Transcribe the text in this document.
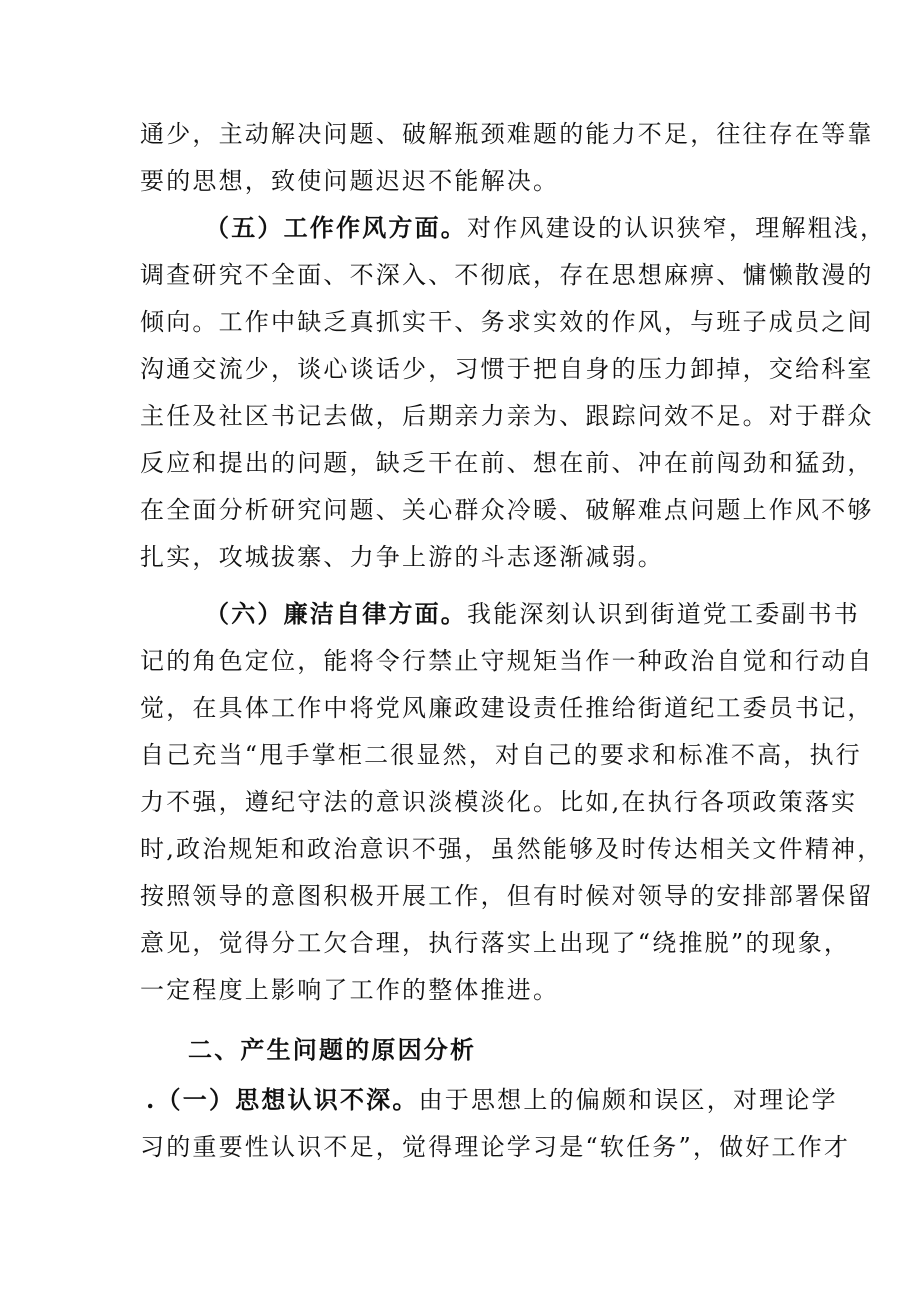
通少，主动解决问题、破解瓶颈难题的能力不足，往往存在等靠
要的思想，致使问题迟迟不能解决。
（五）工作作风方面。对作风建设的认识狭窄，理解粗浅，
调查研究不全面、不深入、不彻底，存在思想麻痹、慵懒散漫的
倾向。工作中缺乏真抓实干、务求实效的作风，与班子成员之间
沟通交流少，谈心谈话少，习惯于把自身的压力卸掉，交给科室
主任及社区书记去做，后期亲力亲为、跟踪问效不足。对于群众
反应和提出的问题，缺乏干在前、想在前、冲在前闯劲和猛劲，
在全面分析研究问题、关心群众冷暖、破解难点问题上作风不够
扎实，攻城拔寨、力争上游的斗志逐渐减弱。
（六）廉洁自律方面。我能深刻认识到街道党工委副书书
记的角色定位，能将令行禁止守规矩当作一种政治自觉和行动自
觉，在具体工作中将党风廉政建设责任推给街道纪工委员书记，
自己充当“甩手掌柜二很显然，对自己的要求和标准不高，执行
力不强，遵纪守法的意识淡模淡化。比如,在执行各项政策落实
时,政治规矩和政治意识不强，虽然能够及时传达相关文件精神，
按照领导的意图积极开展工作，但有时候对领导的安排部署保留
意见，觉得分工欠合理，执行落实上出现了“绕推脱”的现象，
一定程度上影响了工作的整体推进。
二、产生问题的原因分析
.（一）思想认识不深。由于思想上的偏颇和误区，对理论学
习的重要性认识不足，觉得理论学习是“软任务”，做好工作才
